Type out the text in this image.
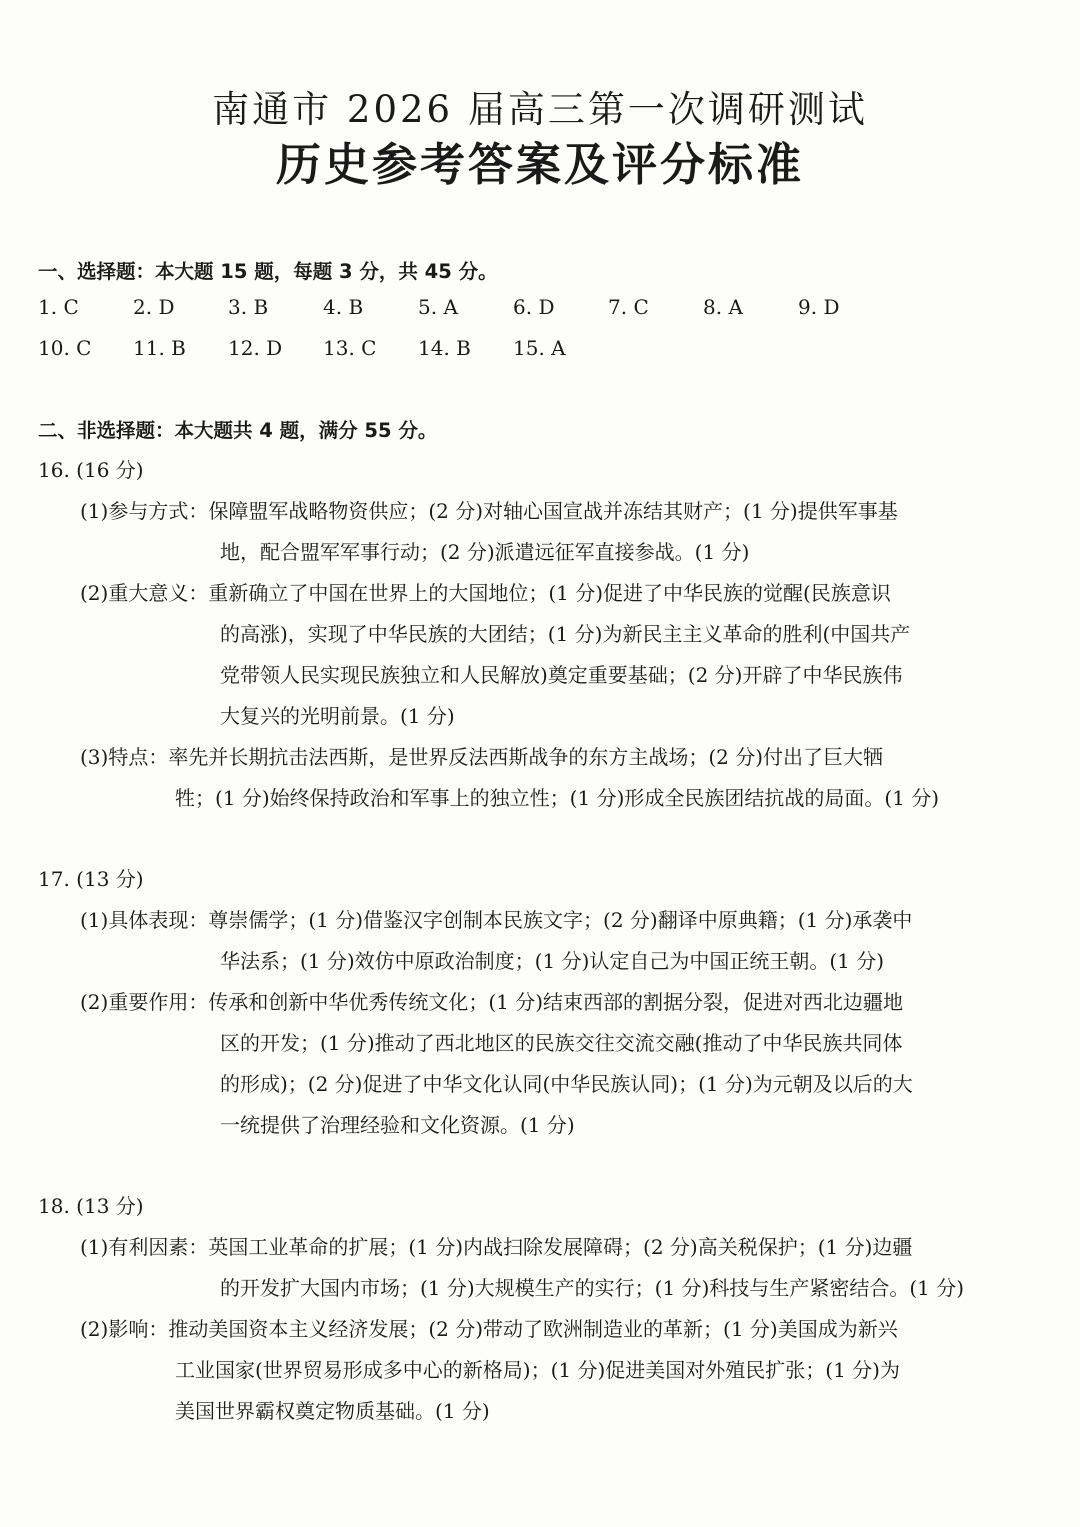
南通市 2026 届高三第一次调研测试
历史参考答案及评分标准
一、选择题：本大题 15 题，每题 3 分，共 45 分。
1. C	2. D	3. B	4. B	5. A	6. D	7. C	8. A	9. D
10. C 11. B 12. D 13. C 14. B 15. A
二、非选择题：本大题共 4 题，满分 55 分。
16. (16 分)
(1)参与方式：保障盟军战略物资供应；(2 分)对轴心国宣战并冻结其财产；(1 分)提供军事基
地，配合盟军军事行动；(2 分)派遣远征军直接参战。(1 分)
(2)重大意义：重新确立了中国在世界上的大国地位；(1 分)促进了中华民族的觉醒(民族意识
的高涨)，实现了中华民族的大团结；(1 分)为新民主主义革命的胜利(中国共产
党带领人民实现民族独立和人民解放)奠定重要基础；(2 分)开辟了中华民族伟
大复兴的光明前景。(1 分)
(3)特点：率先并长期抗击法西斯，是世界反法西斯战争的东方主战场；(2 分)付出了巨大牺
牲；(1 分)始终保持政治和军事上的独立性；(1 分)形成全民族团结抗战的局面。(1 分)
17. (13 分)
(1)具体表现：尊崇儒学；(1 分)借鉴汉字创制本民族文字；(2 分)翻译中原典籍；(1 分)承袭中
华法系；(1 分)效仿中原政治制度；(1 分)认定自己为中国正统王朝。(1 分)
(2)重要作用：传承和创新中华优秀传统文化；(1 分)结束西部的割据分裂，促进对西北边疆地
区的开发；(1 分)推动了西北地区的民族交往交流交融(推动了中华民族共同体
的形成)；(2 分)促进了中华文化认同(中华民族认同)；(1 分)为元朝及以后的大
一统提供了治理经验和文化资源。(1 分)
18. (13 分)
(1)有利因素：英国工业革命的扩展；(1 分)内战扫除发展障碍；(2 分)高关税保护；(1 分)边疆
的开发扩大国内市场；(1 分)大规模生产的实行；(1 分)科技与生产紧密结合。(1 分)
(2)影响：推动美国资本主义经济发展；(2 分)带动了欧洲制造业的革新；(1 分)美国成为新兴
工业国家(世界贸易形成多中心的新格局)；(1 分)促进美国对外殖民扩张；(1 分)为
美国世界霸权奠定物质基础。(1 分)
